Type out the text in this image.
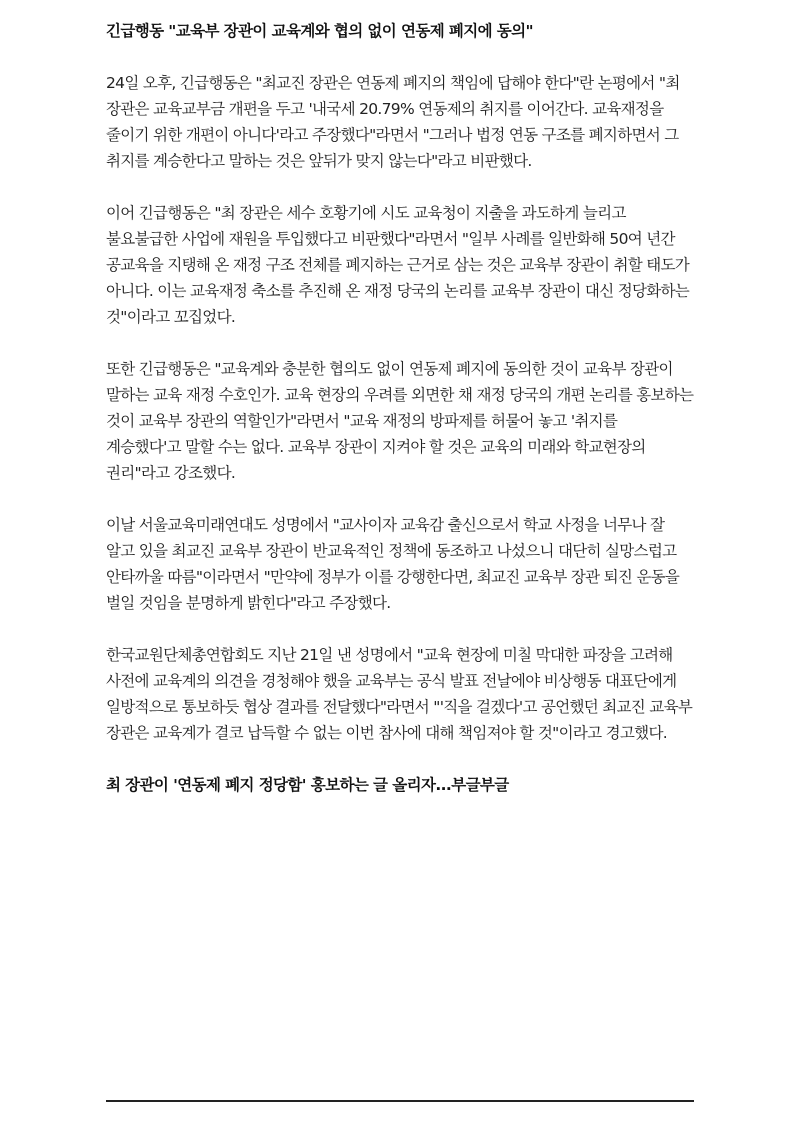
긴급행동 "교육부 장관이 교육계와 협의 없이 연동제 폐지에 동의"

24일 오후, 긴급행동은 "최교진 장관은 연동제 폐지의 책임에 답해야 한다"란 논평에서 "최 장관은 교육교부금 개편을 두고 '내국세 20.79% 연동제의 취지를 이어간다. 교육재정을 줄이기 위한 개편이 아니다'라고 주장했다"라면서 "그러나 법정 연동 구조를 폐지하면서 그 취지를 계승한다고 말하는 것은 앞뒤가 맞지 않는다"라고 비판했다.

이어 긴급행동은 "최 장관은 세수 호황기에 시도 교육청이 지출을 과도하게 늘리고 불요불급한 사업에 재원을 투입했다고 비판했다"라면서 "일부 사례를 일반화해 50여 년간 공교육을 지탱해 온 재정 구조 전체를 폐지하는 근거로 삼는 것은 교육부 장관이 취할 태도가 아니다. 이는 교육재정 축소를 추진해 온 재정 당국의 논리를 교육부 장관이 대신 정당화하는 것"이라고 꼬집었다.

또한 긴급행동은 "교육계와 충분한 협의도 없이 연동제 폐지에 동의한 것이 교육부 장관이 말하는 교육 재정 수호인가. 교육 현장의 우려를 외면한 채 재정 당국의 개편 논리를 홍보하는 것이 교육부 장관의 역할인가"라면서 "교육 재정의 방파제를 허물어 놓고 '취지를 계승했다'고 말할 수는 없다. 교육부 장관이 지켜야 할 것은 교육의 미래와 학교현장의 권리"라고 강조했다.

이날 서울교육미래연대도 성명에서 "교사이자 교육감 출신으로서 학교 사정을 너무나 잘 알고 있을 최교진 교육부 장관이 반교육적인 정책에 동조하고 나섰으니 대단히 실망스럽고 안타까울 따름"이라면서 "만약에 정부가 이를 강행한다면, 최교진 교육부 장관 퇴진 운동을 벌일 것임을 분명하게 밝힌다"라고 주장했다.

한국교원단체총연합회도 지난 21일 낸 성명에서 "교육 현장에 미칠 막대한 파장을 고려해 사전에 교육계의 의견을 경청해야 했을 교육부는 공식 발표 전날에야 비상행동 대표단에게 일방적으로 통보하듯 협상 결과를 전달했다"라면서 "'직을 걸겠다'고 공언했던 최교진 교육부 장관은 교육계가 결코 납득할 수 없는 이번 참사에 대해 책임져야 할 것"이라고 경고했다.

최 장관이 '연동제 폐지 정당함' 홍보하는 글 올리자...부글부글
